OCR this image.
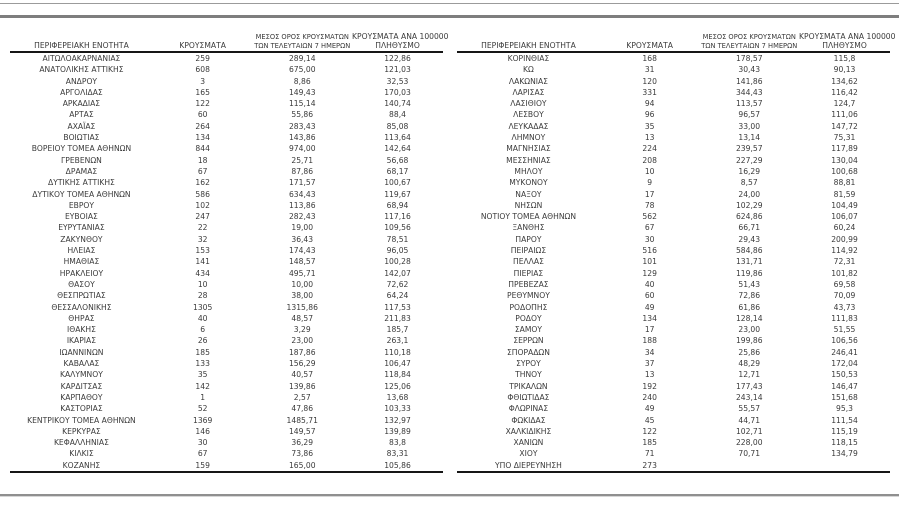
ΠΕΡΙΦΕΡΕΙΑΚΗ ΕΝΟΤΗΤΑ	ΚΡΟΥΣΜΑΤΑ	ΜΕΣΟΣ ΟΡΟΣ ΚΡΟΥΣΜΑΤΩΝ
ΤΩΝ ΤΕΛΕΥΤΑΙΩΝ 7 ΗΜΕΡΩΝ	ΚΡΟΥΣΜΑΤΑ ΑΝΑ 100000
ΠΛΗΘΥΣΜΟ

ΑΙΤΩΛΟΑΚΑΡΝΑΝΙΑΣ	259	289,14	122,86
ΑΝΑΤΟΛΙΚΗΣ ΑΤΤΙΚΗΣ	608	675,00	121,03
ΑΝΔΡΟΥ	3	8,86	32,53
ΑΡΓΟΛΙΔΑΣ	165	149,43	170,03
ΑΡΚΑΔΙΑΣ	122	115,14	140,74
ΑΡΤΑΣ	60	55,86	88,4
ΑΧΑΪΑΣ	264	283,43	85,08
ΒΟΙΩΤΙΑΣ	134	143,86	113,64
ΒΟΡΕΙΟΥ ΤΟΜΕΑ ΑΘΗΝΩΝ	844	974,00	142,64
ΓΡΕΒΕΝΩΝ	18	25,71	56,68
ΔΡΑΜΑΣ	67	87,86	68,17
ΔΥΤΙΚΗΣ ΑΤΤΙΚΗΣ	162	171,57	100,67
ΔΥΤΙΚΟΥ ΤΟΜΕΑ ΑΘΗΝΩΝ	586	634,43	119,67
ΕΒΡΟΥ	102	113,86	68,94
ΕΥΒΟΙΑΣ	247	282,43	117,16
ΕΥΡΥΤΑΝΙΑΣ	22	19,00	109,56
ΖΑΚΥΝΘΟΥ	32	36,43	78,51
ΗΛΕΙΑΣ	153	174,43	96,05
ΗΜΑΘΙΑΣ	141	148,57	100,28
ΗΡΑΚΛΕΙΟΥ	434	495,71	142,07
ΘΑΣΟΥ	10	10,00	72,62
ΘΕΣΠΡΩΤΙΑΣ	28	38,00	64,24
ΘΕΣΣΑΛΟΝΙΚΗΣ	1305	1315,86	117,53
ΘΗΡΑΣ	40	48,57	211,83
ΙΘΑΚΗΣ	6	3,29	185,7
ΙΚΑΡΙΑΣ	26	23,00	263,1
ΙΩΑΝΝΙΝΩΝ	185	187,86	110,18
ΚΑΒΑΛΑΣ	133	156,29	106,47
ΚΑΛΥΜΝΟΥ	35	40,57	118,84
ΚΑΡΔΙΤΣΑΣ	142	139,86	125,06
ΚΑΡΠΑΘΟΥ	1	2,57	13,68
ΚΑΣΤΟΡΙΑΣ	52	47,86	103,33
ΚΕΝΤΡΙΚΟΥ ΤΟΜΕΑ ΑΘΗΝΩΝ	1369	1485,71	132,97
ΚΕΡΚΥΡΑΣ	146	149,57	139,89
ΚΕΦΑΛΛΗΝΙΑΣ	30	36,29	83,8
ΚΙΛΚΙΣ	67	73,86	83,31
ΚΟΖΑΝΗΣ	159	165,00	105,86
ΠΕΡΙΦΕΡΕΙΑΚΗ ΕΝΟΤΗΤΑ	ΚΡΟΥΣΜΑΤΑ	ΜΕΣΟΣ ΟΡΟΣ ΚΡΟΥΣΜΑΤΩΝ
ΤΩΝ ΤΕΛΕΥΤΑΙΩΝ 7 ΗΜΕΡΩΝ	ΚΡΟΥΣΜΑΤΑ ΑΝΑ 100000
ΠΛΗΘΥΣΜΟ

ΚΟΡΙΝΘΙΑΣ	168	178,57	115,8
ΚΩ	31	30,43	90,13
ΛΑΚΩΝΙΑΣ	120	141,86	134,62
ΛΑΡΙΣΑΣ	331	344,43	116,42
ΛΑΣΙΘΙΟΥ	94	113,57	124,7
ΛΕΣΒΟΥ	96	96,57	111,06
ΛΕΥΚΑΔΑΣ	35	33,00	147,72
ΛΗΜΝΟΥ	13	13,14	75,31
ΜΑΓΝΗΣΙΑΣ	224	239,57	117,89
ΜΕΣΣΗΝΙΑΣ	208	227,29	130,04
ΜΗΛΟΥ	10	16,29	100,68
ΜΥΚΟΝΟΥ	9	8,57	88,81
ΝΑΞΟΥ	17	24,00	81,59
ΝΗΣΩΝ	78	102,29	104,49
ΝΟΤΙΟΥ ΤΟΜΕΑ ΑΘΗΝΩΝ	562	624,86	106,07
ΞΑΝΘΗΣ	67	66,71	60,24
ΠΑΡΟΥ	30	29,43	200,99
ΠΕΙΡΑΙΩΣ	516	584,86	114,92
ΠΕΛΛΑΣ	101	131,71	72,31
ΠΙΕΡΙΑΣ	129	119,86	101,82
ΠΡΕΒΕΖΑΣ	40	51,43	69,58
ΡΕΘΥΜΝΟΥ	60	72,86	70,09
ΡΟΔΟΠΗΣ	49	61,86	43,73
ΡΟΔΟΥ	134	128,14	111,83
ΣΑΜΟΥ	17	23,00	51,55
ΣΕΡΡΩΝ	188	199,86	106,56
ΣΠΟΡΑΔΩΝ	34	25,86	246,41
ΣΥΡΟΥ	37	48,29	172,04
ΤΗΝΟΥ	13	12,71	150,53
ΤΡΙΚΑΛΩΝ	192	177,43	146,47
ΦΘΙΩΤΙΔΑΣ	240	243,14	151,68
ΦΛΩΡΙΝΑΣ	49	55,57	95,3
ΦΩΚΙΔΑΣ	45	44,71	111,54
ΧΑΛΚΙΔΙΚΗΣ	122	102,71	115,19
ΧΑΝΙΩΝ	185	228,00	118,15
ΧΙΟΥ	71	70,71	134,79
ΥΠΟ ΔΙΕΡΕΥΝΗΣΗ	273		
